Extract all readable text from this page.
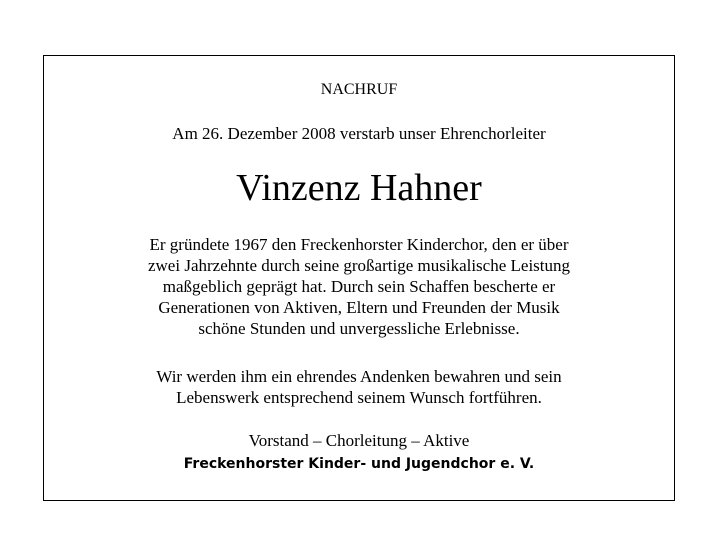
NACHRUF
Am 26. Dezember 2008 verstarb unser Ehrenchorleiter
Vinzenz Hahner
Er gründete 1967 den Freckenhorster Kinderchor, den er über
zwei Jahrzehnte durch seine großartige musikalische Leistung
maßgeblich geprägt hat. Durch sein Schaffen bescherte er
Generationen von Aktiven, Eltern und Freunden der Musik
schöne Stunden und unvergessliche Erlebnisse.
Wir werden ihm ein ehrendes Andenken bewahren und sein
Lebenswerk entsprechend seinem Wunsch fortführen.
Vorstand – Chorleitung – Aktive
Freckenhorster Kinder- und Jugendchor e. V.
